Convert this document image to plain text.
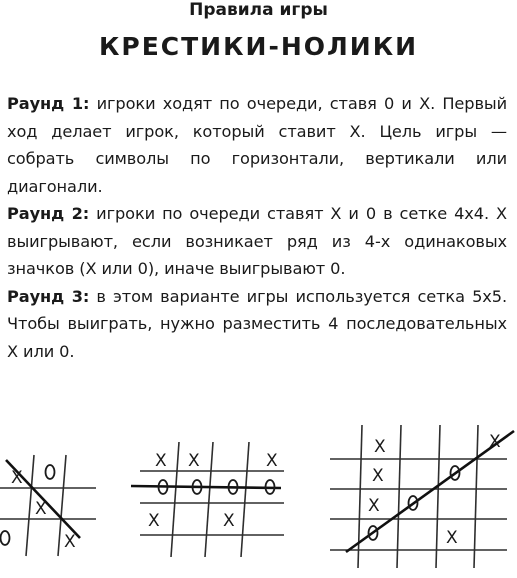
Правила игры
КРЕСТИКИ-НОЛИКИ

Раунд 1: игроки ходят по очереди, ставя 0 и Х. Первый ход делает игрок, который ставит Х. Цель игры — собрать символы по горизонтали, вертикали или диагонали.

Раунд 2: игроки по очереди ставят Х и 0 в сетке 4х4. Х выигрывают, если возникает ряд из 4-х одинаковых значков (Х или 0), иначе выигрывают 0.

Раунд 3: в этом варианте игры используется сетка 5х5. Чтобы выиграть, нужно разместить 4 последовательных Х или 0.

X
X
X
X X	X
X	X
X	X
X
X
X
